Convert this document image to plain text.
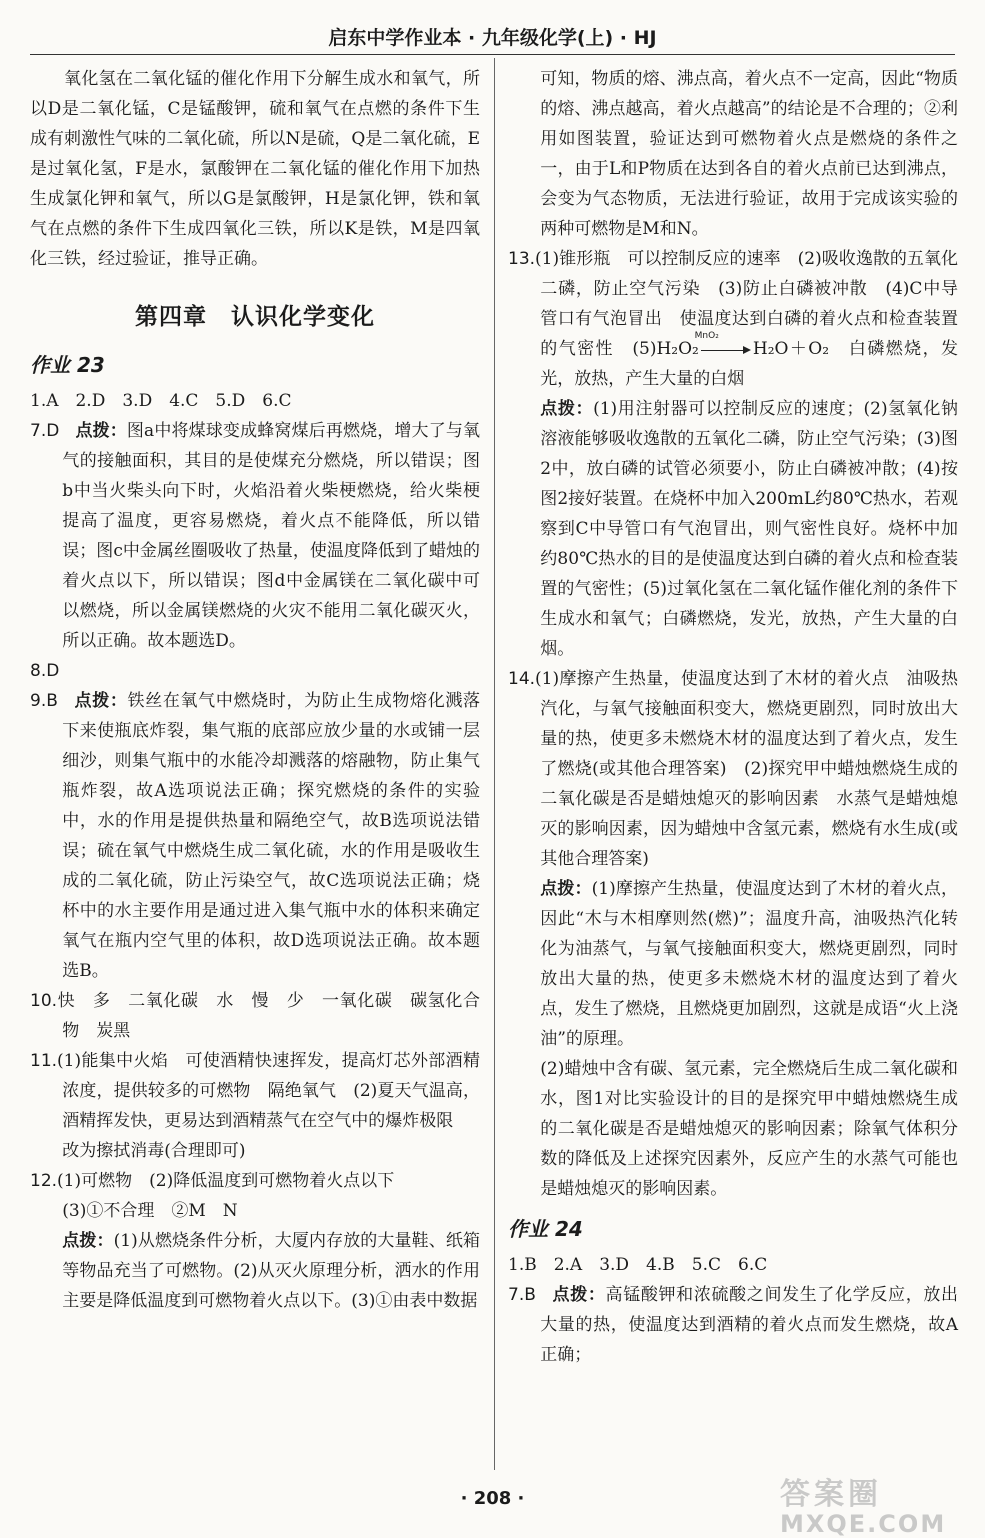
启东中学作业本 · 九年级化学(上) · HJ

氧化氢在二氧化锰的催化作用下分解生成水和氧气，所以D是二氧化锰，C是锰酸钾，硫和氧气在点燃的条件下生成有刺激性气味的二氧化硫，所以N是硫，Q是二氧化硫，E是过氧化氢，F是水，氯酸钾在二氧化锰的催化作用下加热生成氯化钾和氧气，所以G是氯酸钾，H是氯化钾，铁和氧气在点燃的条件下生成四氧化三铁，所以K是铁，M是四氧化三铁，经过验证，推导正确。

第四章　认识化学变化
作业 23

1.A　2.D　3.D　4.C　5.D　6.C

7.D 点拨：图a中将煤球变成蜂窝煤后再燃烧，增大了与氧气的接触面积，其目的是使煤充分燃烧，所以错误；图b中当火柴头向下时，火焰沿着火柴梗燃烧，给火柴梗提高了温度，更容易燃烧，着火点不能降低，所以错误；图c中金属丝圈吸收了热量，使温度降低到了蜡烛的着火点以下，所以错误；图d中金属镁在二氧化碳中可以燃烧，所以金属镁燃烧的火灾不能用二氧化碳灭火，所以正确。故本题选D。

8.D

9.B 点拨：铁丝在氧气中燃烧时，为防止生成物熔化溅落下来使瓶底炸裂，集气瓶的底部应放少量的水或铺一层细沙，则集气瓶中的水能冷却溅落的熔融物，防止集气瓶炸裂，故A选项说法正确；探究燃烧的条件的实验中，水的作用是提供热量和隔绝空气，故B选项说法错误；硫在氧气中燃烧生成二氧化硫，水的作用是吸收生成的二氧化硫，防止污染空气，故C选项说法正确；烧杯中的水主要作用是通过进入集气瓶中水的体积来确定氧气在瓶内空气里的体积，故D选项说法正确。故本题选B。

10.快　多　二氧化碳　水　慢　少　一氧化碳　碳氢化合物　炭黑

11.(1)能集中火焰　可使酒精快速挥发，提高灯芯外部酒精浓度，提供较多的可燃物　隔绝氧气　(2)夏天气温高，酒精挥发快，更易达到酒精蒸气在空气中的爆炸极限

改为擦拭消毒(合理即可)

12.(1)可燃物　(2)降低温度到可燃物着火点以下

(3)①不合理　②M　N

点拨：(1)从燃烧条件分析，大厦内存放的大量鞋、纸箱等物品充当了可燃物。(2)从灭火原理分析，洒水的作用主要是降低温度到可燃物着火点以下。(3)①由表中数据

可知，物质的熔、沸点高，着火点不一定高，因此“物质的熔、沸点越高，着火点越高”的结论是不合理的；②利用如图装置，验证达到可燃物着火点是燃烧的条件之一，由于L和P物质在达到各自的着火点前已达到沸点，会变为气态物质，无法进行验证，故用于完成该实验的两种可燃物是M和N。

13.(1)锥形瓶　可以控制反应的速率　(2)吸收逸散的五氧化二磷，防止空气污染　(3)防止白磷被冲散　(4)C中导管口有气泡冒出　使温度达到白磷的着火点和检查装置的气密性　(5)H₂O₂
MnO₂
H₂O＋O₂　白磷燃烧，发光，放热，产生大量的白烟

点拨：(1)用注射器可以控制反应的速度；(2)氢氧化钠溶液能够吸收逸散的五氧化二磷，防止空气污染；(3)图2中，放白磷的试管必须要小，防止白磷被冲散；(4)按图2接好装置。在烧杯中加入200mL约80℃热水，若观察到C中导管口有气泡冒出，则气密性良好。烧杯中加约80℃热水的目的是使温度达到白磷的着火点和检查装置的气密性；(5)过氧化氢在二氧化锰作催化剂的条件下生成水和氧气；白磷燃烧，发光，放热，产生大量的白烟。

14.(1)摩擦产生热量，使温度达到了木材的着火点　油吸热汽化，与氧气接触面积变大，燃烧更剧烈，同时放出大量的热，使更多未燃烧木材的温度达到了着火点，发生了燃烧(或其他合理答案)　(2)探究甲中蜡烛燃烧生成的二氧化碳是否是蜡烛熄灭的影响因素　水蒸气是蜡烛熄灭的影响因素，因为蜡烛中含氢元素，燃烧有水生成(或其他合理答案)

点拨：(1)摩擦产生热量，使温度达到了木材的着火点，因此“木与木相摩则然(燃)”；温度升高，油吸热汽化转化为油蒸气，与氧气接触面积变大，燃烧更剧烈，同时放出大量的热，使更多未燃烧木材的温度达到了着火点，发生了燃烧，且燃烧更加剧烈，这就是成语“火上浇油”的原理。

(2)蜡烛中含有碳、氢元素，完全燃烧后生成二氧化碳和水，图1对比实验设计的目的是探究甲中蜡烛燃烧生成的二氧化碳是否是蜡烛熄灭的影响因素；除氧气体积分数的降低及上述探究因素外，反应产生的水蒸气可能也是蜡烛熄灭的影响因素。

作业 24

1.B　2.A　3.D　4.B　5.C　6.C

7.B 点拨：高锰酸钾和浓硫酸之间发生了化学反应，放出大量的热，使温度达到酒精的着火点而发生燃烧，故A正确；

· 208 ·	答案圈
MXQE.COM
